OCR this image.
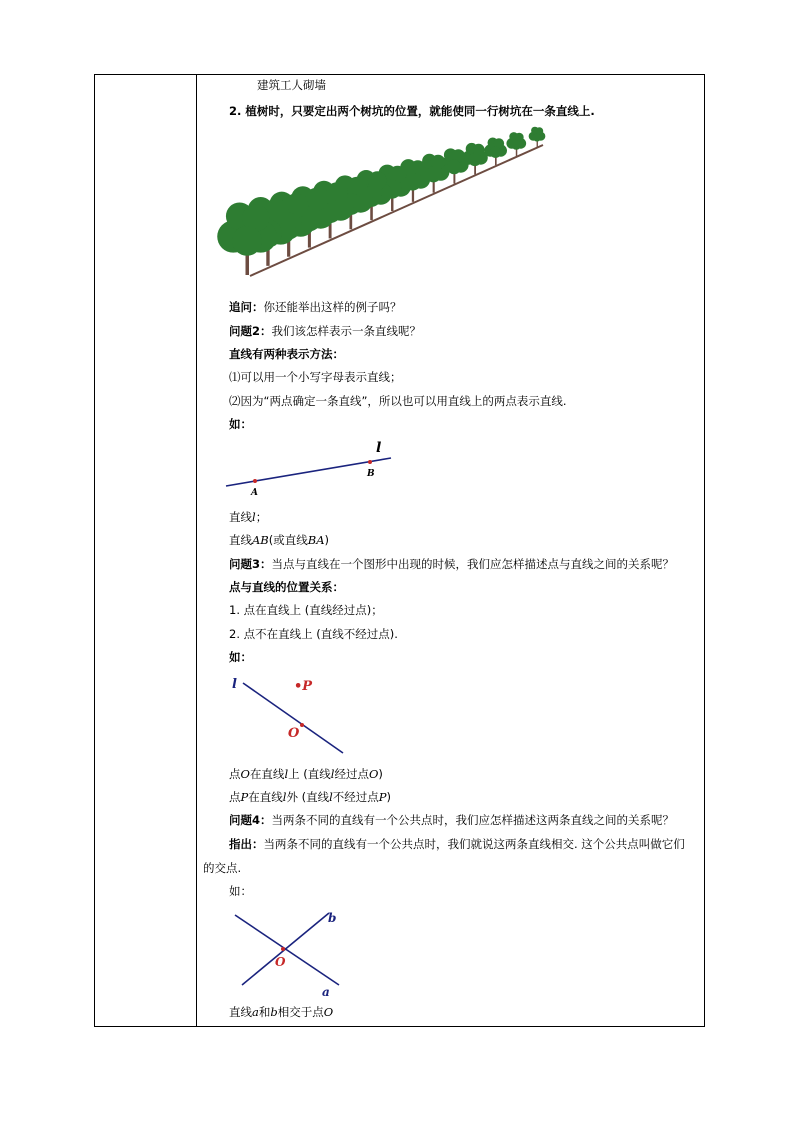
建筑工人砌墙
2. 植树时，只要定出两个树坑的位置，就能使同一行树坑在一条直线上.
追问：你还能举出这样的例子吗？
问题2：我们该怎样表示一条直线呢？
直线有两种表示方法：
⑴可以用一个小写字母表示直线；
⑵因为“两点确定一条直线”，所以也可以用直线上的两点表示直线.
如：
l
A
B
直线l；
直线AB(或直线BA)
问题3：当点与直线在一个图形中出现的时候，我们应怎样描述点与直线之间的关系呢？
点与直线的位置关系：
1. 点在直线上 (直线经过点)；
2. 点不在直线上 (直线不经过点).
如：
l	•P
O
点O在直线l上 (直线l经过点O)
点P在直线l外 (直线l不经过点P)
问题4：当两条不同的直线有一个公共点时，我们应怎样描述这两条直线之间的关系呢？
指出：当两条不同的直线有一个公共点时，我们就说这两条直线相交. 这个公共点叫做它们
的交点.
如：
b
a
O
直线a和b相交于点O
